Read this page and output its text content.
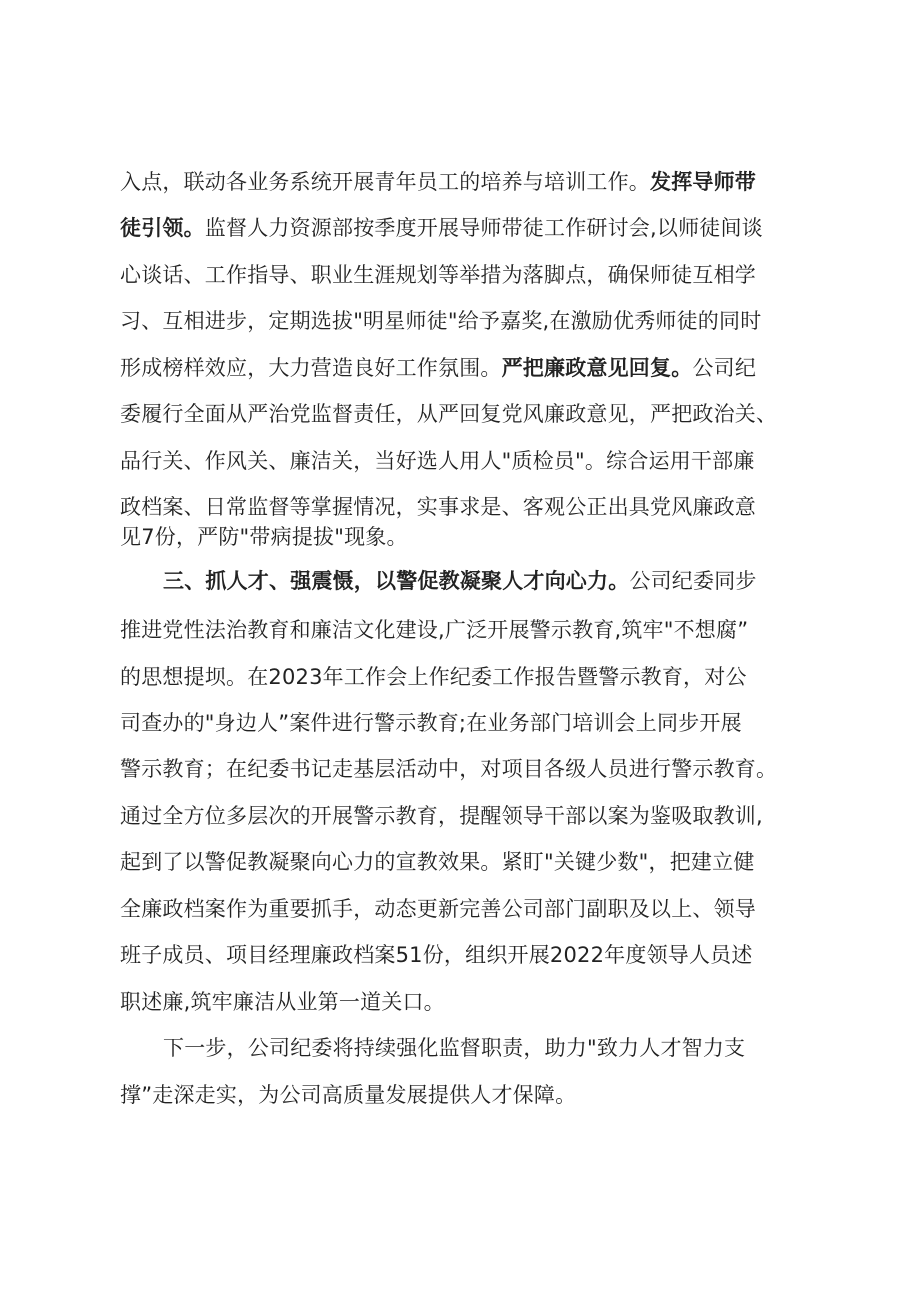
入点，联动各业务系统开展青年员工的培养与培训工作。发挥导师带
徒引领。监督人力资源部按季度开展导师带徒工作研讨会,以师徒间谈
心谈话、工作指导、职业生涯规划等举措为落脚点，确保师徒互相学
习、互相进步，定期选拔"明星师徒"给予嘉奖,在激励优秀师徒的同时
形成榜样效应，大力营造良好工作氛围。严把廉政意见回复。公司纪
委履行全面从严治党监督责任，从严回复党风廉政意见，严把政治关、
品行关、作风关、廉洁关，当好选人用人"质检员"。综合运用干部廉
政档案、日常监督等掌握情况，实事求是、客观公正出具党风廉政意
见7份，严防"带病提拔"现象。
三、抓人才、强震慑，以警促教凝聚人才向心力。公司纪委同步
推进党性法治教育和廉洁文化建设,广泛开展警示教育,筑牢"不想腐”
的思想提坝。在2023年工作会上作纪委工作报告暨警示教育，对公
司查办的"身边人”案件进行警示教育;在业务部门培训会上同步开展
警示教育；在纪委书记走基层活动中，对项目各级人员进行警示教育。
通过全方位多层次的开展警示教育，提醒领导干部以案为鉴吸取教训,
起到了以警促教凝聚向心力的宣教效果。紧盯"关键少数"，把建立健
全廉政档案作为重要抓手，动态更新完善公司部门副职及以上、领导
班子成员、项目经理廉政档案51份，组织开展2022年度领导人员述
职述廉,筑牢廉洁从业第一道关口。
下一步，公司纪委将持续强化监督职责，助力"致力人才智力支
撑”走深走实，为公司高质量发展提供人才保障。
